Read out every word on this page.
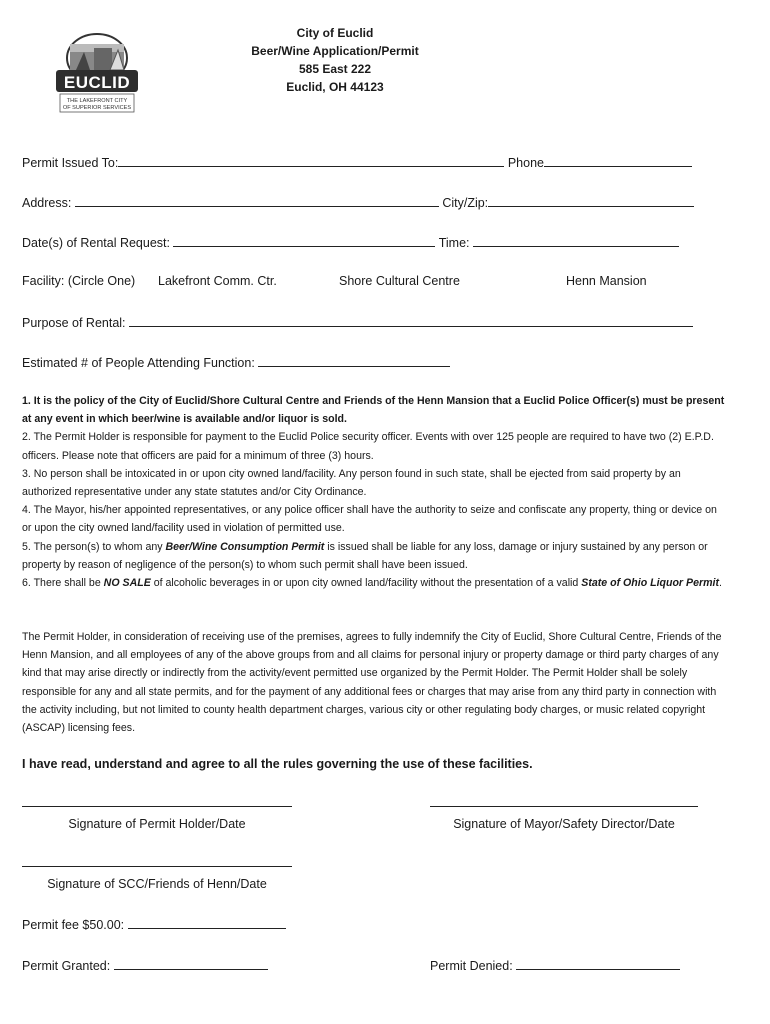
EUCLID
THE LAKEFRONT CITY
OF SUPERIOR SERVICES
City of Euclid
Beer/Wine Application/Permit
585 East 222
Euclid, OH 44123
Permit Issued To:	Phone
Address:	City/Zip:
Date(s) of Rental Request:	Time:
Facility: (Circle One) Lakefront Comm. Ctr.	Shore Cultural Centre	Henn Mansion
Purpose of Rental:
Estimated # of People Attending Function:

1. It is the policy of the City of Euclid/Shore Cultural Centre and Friends of the Henn Mansion that a Euclid Police Officer(s) must be present at any event in which beer/wine is available and/or liquor is sold.

2. The Permit Holder is responsible for payment to the Euclid Police security officer. Events with over 125 people are required to have two (2) E.P.D. officers. Please note that officers are paid for a minimum of three (3) hours.

3. No person shall be intoxicated in or upon city owned land/facility. Any person found in such state, shall be ejected from said property by an authorized representative under any state statutes and/or City Ordinance.

4. The Mayor, his/her appointed representatives, or any police officer shall have the authority to seize and confiscate any property, thing or device on or upon the city owned land/facility used in violation of permitted use.

5. The person(s) to whom any Beer/Wine Consumption Permit is issued shall be liable for any loss, damage or injury sustained by any person or property by reason of negligence of the person(s) to whom such permit shall have been issued.

6. There shall be NO SALE of alcoholic beverages in or upon city owned land/facility without the presentation of a valid State of Ohio Liquor Permit.

The Permit Holder, in consideration of receiving use of the premises, agrees to fully indemnify the City of Euclid, Shore Cultural Centre, Friends of the Henn Mansion, and all employees of any of the above groups from and all claims for personal injury or property damage or third party charges of any kind that may arise directly or indirectly from the activity/event permitted use organized by the Permit Holder. The Permit Holder shall be solely responsible for any and all state permits, and for the payment of any additional fees or charges that may arise from any third party in connection with the activity including, but not limited to county health department charges, various city or other regulating body charges, or music related copyright (ASCAP) licensing fees.
I have read, understand and agree to all the rules governing the use of these facilities.
Signature of Permit Holder/Date	Signature of Mayor/Safety Director/Date
Signature of SCC/Friends of Henn/Date
Permit fee $50.00:
Permit Granted:	Permit Denied:
